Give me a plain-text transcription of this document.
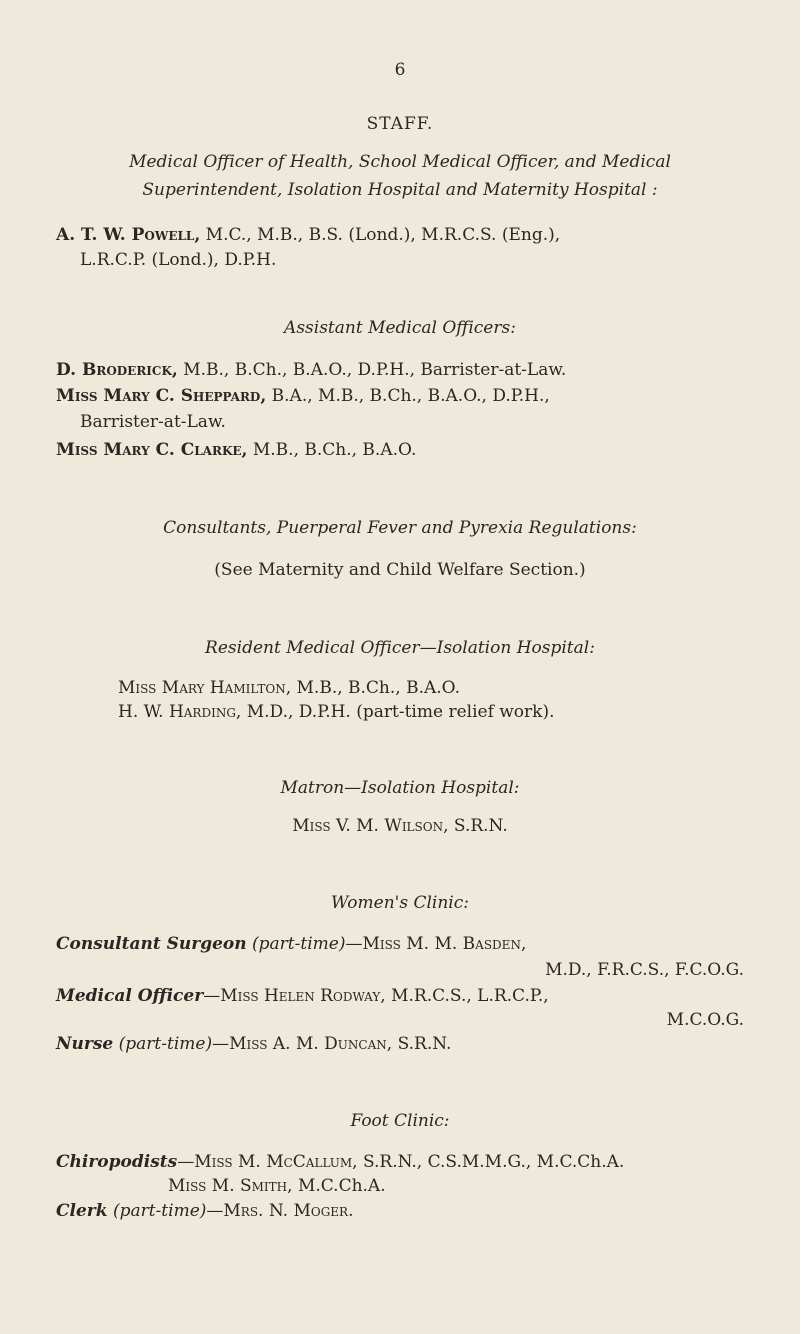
6
STAFF.
Medical Officer of Health, School Medical Officer, and Medical
Superintendent, Isolation Hospital and Maternity Hospital :
A. T. W. Powell, M.C., M.B., B.S. (Lond.), M.R.C.S. (Eng.),
L.R.C.P. (Lond.), D.P.H.
Assistant Medical Officers:
D. Broderick, M.B., B.Ch., B.A.O., D.P.H., Barrister-at-Law.
Miss Mary C. Sheppard, B.A., M.B., B.Ch., B.A.O., D.P.H.,
Barrister-at-Law.
Miss Mary C. Clarke, M.B., B.Ch., B.A.O.
Consultants, Puerperal Fever and Pyrexia Regulations:
(See Maternity and Child Welfare Section.)
Resident Medical Officer—Isolation Hospital:
Miss Mary Hamilton, M.B., B.Ch., B.A.O.
H. W. Harding, M.D., D.P.H. (part-time relief work).
Matron—Isolation Hospital:
Miss V. M. Wilson, S.R.N.
Women's Clinic:
Consultant Surgeon (part-time)—Miss M. M. Basden,
M.D., F.R.C.S., F.C.O.G.
Medical Officer—Miss Helen Rodway, M.R.C.S., L.R.C.P.,
M.C.O.G.
Nurse (part-time)—Miss A. M. Duncan, S.R.N.
Foot Clinic:
Chiropodists—Miss M. McCallum, S.R.N., C.S.M.M.G., M.C.Ch.A.
Miss M. Smith, M.C.Ch.A.
Clerk (part-time)—Mrs. N. Moger.
